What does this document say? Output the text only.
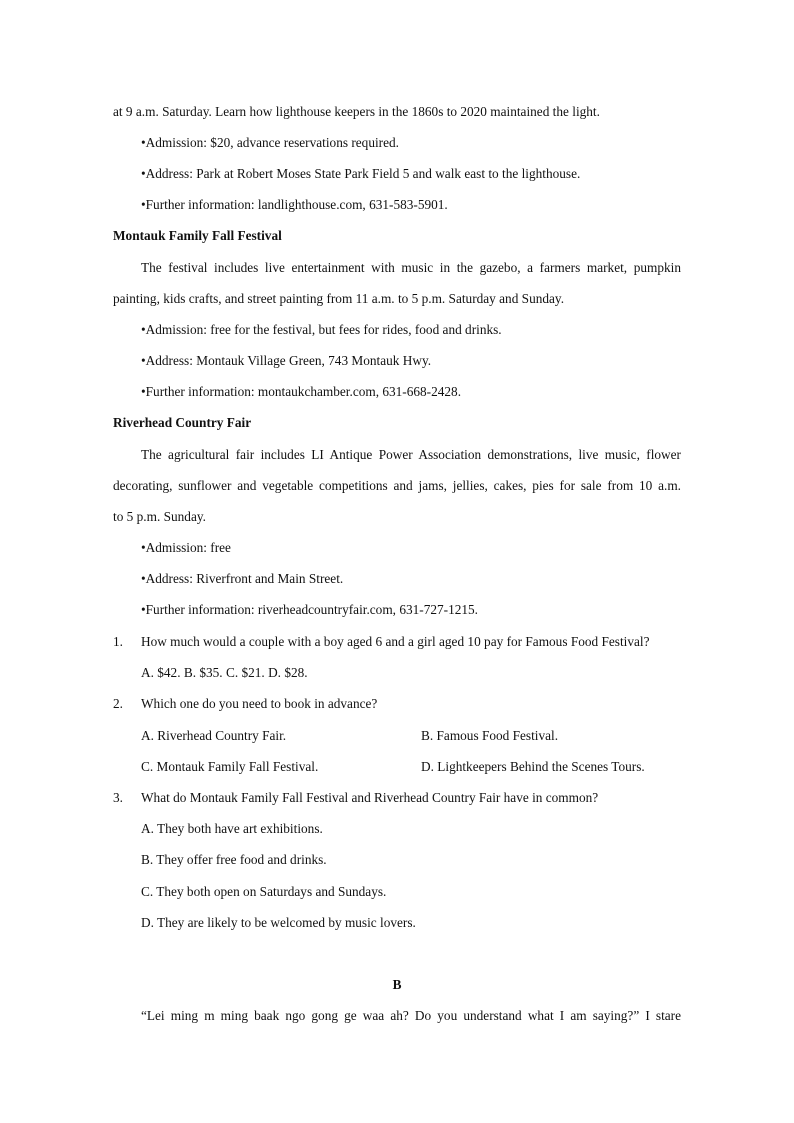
at 9 a.m. Saturday. Learn how lighthouse keepers in the 1860s to 2020 maintained the light.
•Admission: $20, advance reservations required.
•Address: Park at Robert Moses State Park Field 5 and walk east to the lighthouse.
•Further information: landlighthouse.com, 631-583-5901.
Montauk Family Fall Festival
The festival includes live entertainment with music in the gazebo, a farmers market, pumpkin
painting, kids crafts, and street painting from 11 a.m. to 5 p.m. Saturday and Sunday.
•Admission: free for the festival, but fees for rides, food and drinks.
•Address: Montauk Village Green, 743 Montauk Hwy.
•Further information: montaukchamber.com, 631-668-2428.
Riverhead Country Fair
The agricultural fair includes LI Antique Power Association demonstrations, live music, flower
decorating, sunflower and vegetable competitions and jams, jellies, cakes, pies for sale from 10 a.m.
to 5 p.m. Sunday.
•Admission: free
•Address: Riverfront and Main Street.
•Further information: riverheadcountryfair.com, 631-727-1215.
1. How much would a couple with a boy aged 6 and a girl aged 10 pay for Famous Food Festival?
A. $42. B. $35. C. $21. D. $28.
2. Which one do you need to book in advance?
A. Riverhead Country Fair.	B. Famous Food Festival.
C. Montauk Family Fall Festival.	D. Lightkeepers Behind the Scenes Tours.
3. What do Montauk Family Fall Festival and Riverhead Country Fair have in common?
A. They both have art exhibitions.
B. They offer free food and drinks.
C. They both open on Saturdays and Sundays.
D. They are likely to be welcomed by music lovers.
B
“Lei ming m ming baak ngo gong ge waa ah? Do you understand what I am saying?” I stare
